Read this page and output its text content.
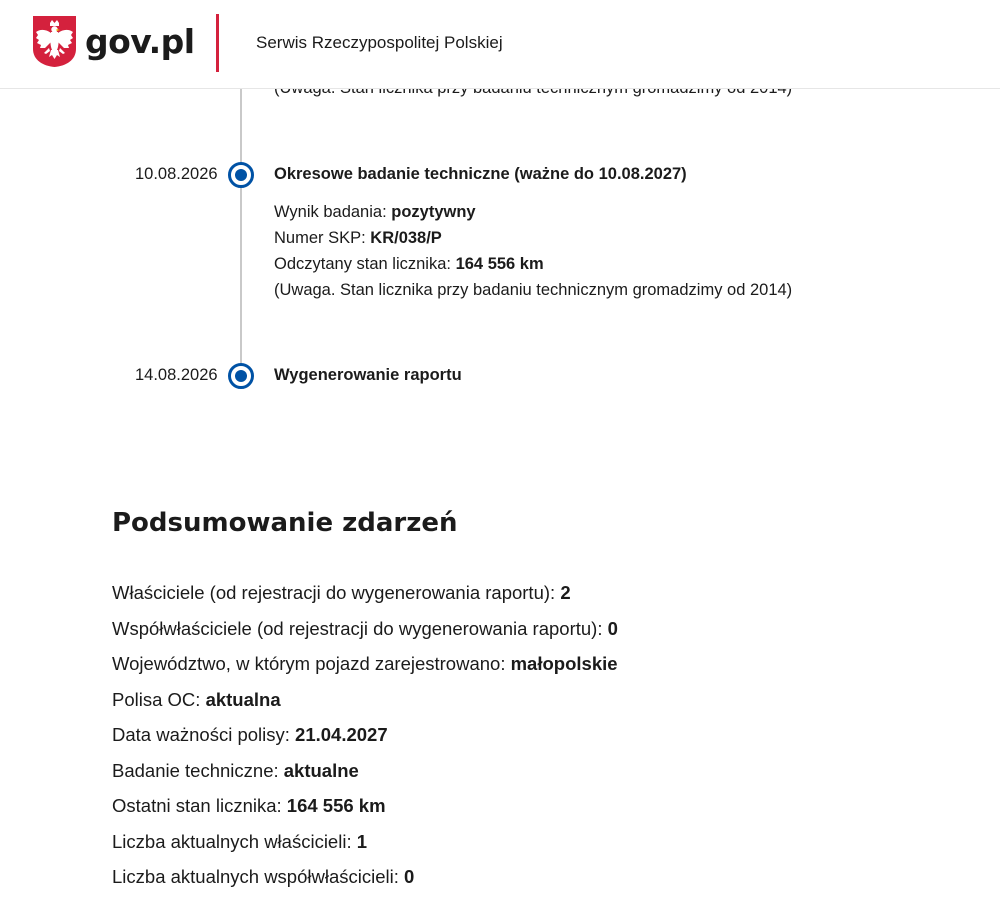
10.08.2026	Okresowe badanie techniczne (ważne do 10.08.2027)
Wynik badania: pozytywny
Numer SKP: KR/038/P
Odczytany stan licznika: 164 556 km
(Uwaga. Stan licznika przy badaniu technicznym gromadzimy od 2014)
14.08.2026	Wygenerowanie raportu
Podsumowanie zdarzeń
Właściciele (od rejestracji do wygenerowania raportu): 2
Współwłaściciele (od rejestracji do wygenerowania raportu): 0
Województwo, w którym pojazd zarejestrowano: małopolskie
Polisa OC: aktualna
Data ważności polisy: 21.04.2027
Badanie techniczne: aktualne
Ostatni stan licznika: 164 556 km
Liczba aktualnych właścicieli: 1
Liczba aktualnych współwłaścicieli: 0
gov.pl	Serwis Rzeczypospolitej Polskiej
